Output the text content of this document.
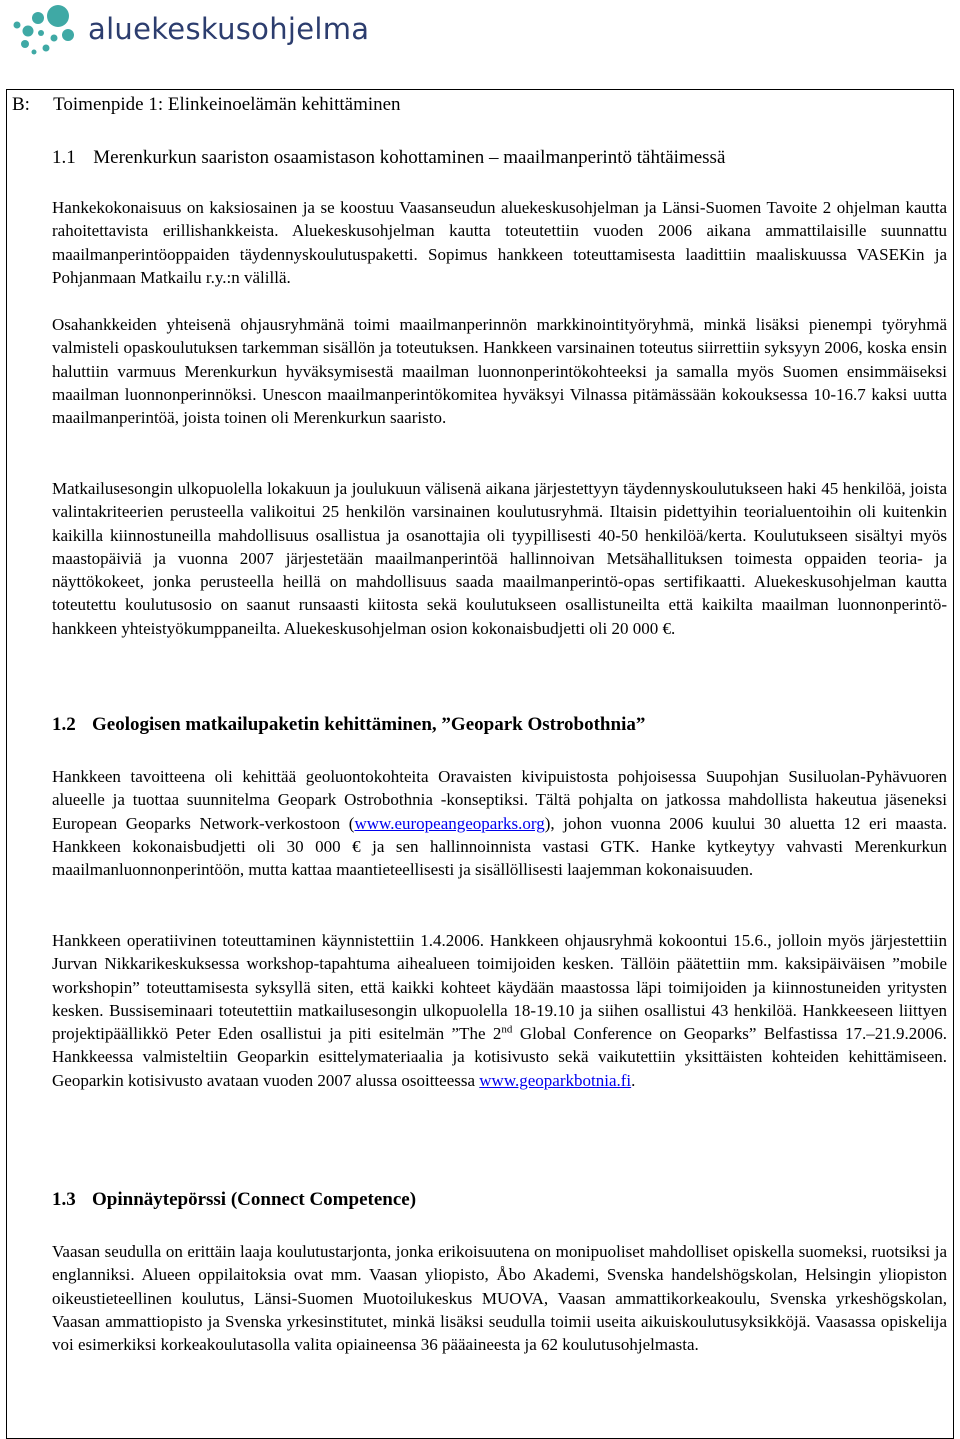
aluekeskusohjelma
B: Toimenpide 1: Elinkeinoelämän kehittäminen
1.1 Merenkurkun saariston osaamistason kohottaminen – maailmanperintö tähtäimessä
Hankekokonaisuus on kaksiosainen ja se koostuu Vaasanseudun aluekeskusohjelman ja Länsi-Suomen Tavoite 2 ohjelman kautta rahoitettavista erillishankkeista. Aluekeskusohjelman kautta toteutettiin vuoden 2006 aikana ammattilaisille suunnattu maailmanperintöoppaiden täydennyskoulutuspaketti. Sopimus hankkeen toteuttamisesta laadittiin maaliskuussa VASEKin ja Pohjanmaan Matkailu r.y.:n välillä.
Osahankkeiden yhteisenä ohjausryhmänä toimi maailmanperinnön markkinointityöryhmä, minkä lisäksi pienempi työryhmä valmisteli opaskoulutuksen tarkemman sisällön ja toteutuksen. Hankkeen varsinainen toteutus siirrettiin syksyyn 2006, koska ensin haluttiin varmuus Merenkurkun hyväksymisestä maailman luonnonperintökohteeksi ja samalla myös Suomen ensimmäiseksi maailman luonnonperinnöksi. Unescon maailmanperintökomitea hyväksyi Vilnassa pitämässään kokouksessa 10-16.7 kaksi uutta maailmanperintöä, joista toinen oli Merenkurkun saaristo.
Matkailusesongin ulkopuolella lokakuun ja joulukuun välisenä aikana järjestettyyn täydennyskoulutukseen haki 45 henkilöä, joista valintakriteerien perusteella valikoitui 25 henkilön varsinainen koulutusryhmä. Iltaisin pidettyihin teorialuentoihin oli kuitenkin kaikilla kiinnostuneilla mahdollisuus osallistua ja osanottajia oli tyypillisesti 40-50 henkilöä/kerta. Koulutukseen sisältyi myös maastopäiviä ja vuonna 2007 järjestetään maailmanperintöä hallinnoivan Metsähallituksen toimesta oppaiden teoria- ja näyttökokeet, jonka perusteella heillä on mahdollisuus saada maailmanperintö-opas sertifikaatti. Aluekeskusohjelman kautta toteutettu koulutusosio on saanut runsaasti kiitosta sekä koulutukseen osallistuneilta että kaikilta maailman luonnonperintö-hankkeen yhteistyökumppaneilta. Aluekeskusohjelman osion kokonaisbudjetti oli 20 000 €.
1.2 Geologisen matkailupaketin kehittäminen, ”Geopark Ostrobothnia”
Hankkeen tavoitteena oli kehittää geoluontokohteita Oravaisten kivipuistosta pohjoisessa Suupohjan Susiluolan-Pyhävuoren alueelle ja tuottaa suunnitelma Geopark Ostrobothnia -konseptiksi. Tältä pohjalta on jatkossa mahdollista hakeutua jäseneksi European Geoparks Network-verkostoon (www.europeangeoparks.org), johon vuonna 2006 kuului 30 aluetta 12 eri maasta. Hankkeen kokonaisbudjetti oli 30 000 € ja sen hallinnoinnista vastasi GTK. Hanke kytkeytyy vahvasti Merenkurkun maailmanluonnonperintöön, mutta kattaa maantieteellisesti ja sisällöllisesti laajemman kokonaisuuden.
Hankkeen operatiivinen toteuttaminen käynnistettiin 1.4.2006. Hankkeen ohjausryhmä kokoontui 15.6., jolloin myös järjestettiin Jurvan Nikkarikeskuksessa workshop-tapahtuma aihealueen toimijoiden kesken. Tällöin päätettiin mm. kaksipäiväisen ”mobile workshopin” toteuttamisesta syksyllä siten, että kaikki kohteet käydään maastossa läpi toimijoiden ja kiinnostuneiden yritysten kesken. Bussiseminaari toteutettiin matkailusesongin ulkopuolella 18-19.10 ja siihen osallistui 43 henkilöä. Hankkeeseen liittyen projektipäällikkö Peter Eden osallistui ja piti esitelmän ”The 2nd Global Conference on Geoparks” Belfastissa 17.–21.9.2006. Hankkeessa valmisteltiin Geoparkin esittelymateriaalia ja kotisivusto sekä vaikutettiin yksittäisten kohteiden kehittämiseen. Geoparkin kotisivusto avataan vuoden 2007 alussa osoitteessa www.geoparkbotnia.fi.
1.3 Opinnäytepörssi (Connect Competence)
Vaasan seudulla on erittäin laaja koulutustarjonta, jonka erikoisuutena on monipuoliset mahdolliset opiskella suomeksi, ruotsiksi ja englanniksi. Alueen oppilaitoksia ovat mm. Vaasan yliopisto, Åbo Akademi, Svenska handelshögskolan, Helsingin yliopiston oikeustieteellinen koulutus, Länsi-Suomen Muotoilukeskus MUOVA, Vaasan ammattikorkeakoulu, Svenska yrkeshögskolan, Vaasan ammattiopisto ja Svenska yrkesinstitutet, minkä lisäksi seudulla toimii useita aikuiskoulutusyksikköjä. Vaasassa opiskelija voi esimerkiksi korkeakoulutasolla valita opiaineensa 36 pääaineesta ja 62 koulutusohjelmasta.
